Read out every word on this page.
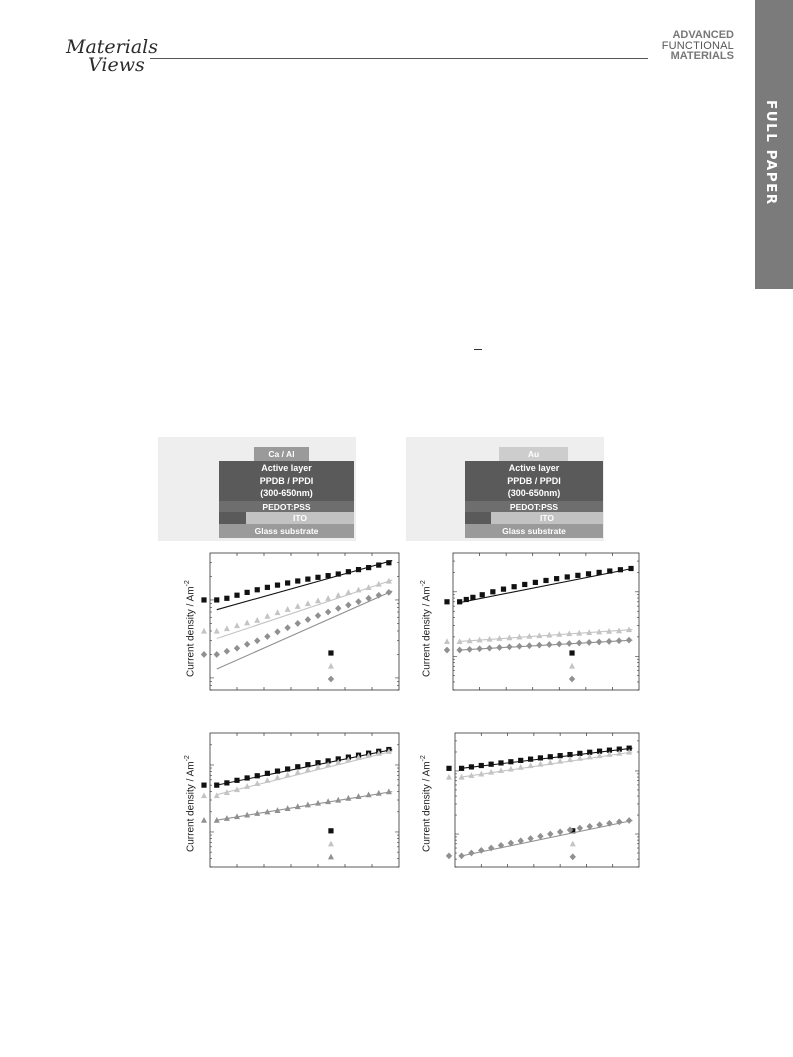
Materials
Views
ADVANCED
FUNCTIONAL
MATERIALS
FULL PAPER
Ca / Al
Active layer
PPDB / PPDI
(300-650nm)
PEDOT:PSS
ITO
Glass substrate
Au
Active layer
PPDB / PPDI
(300-650nm)
PEDOT:PSS
ITO
Glass substrate
Current density / $Am^{-2}$
Current density / $Am^{-2}$
Current density / $Am^{-2}$
Current density / $Am^{-2}$
